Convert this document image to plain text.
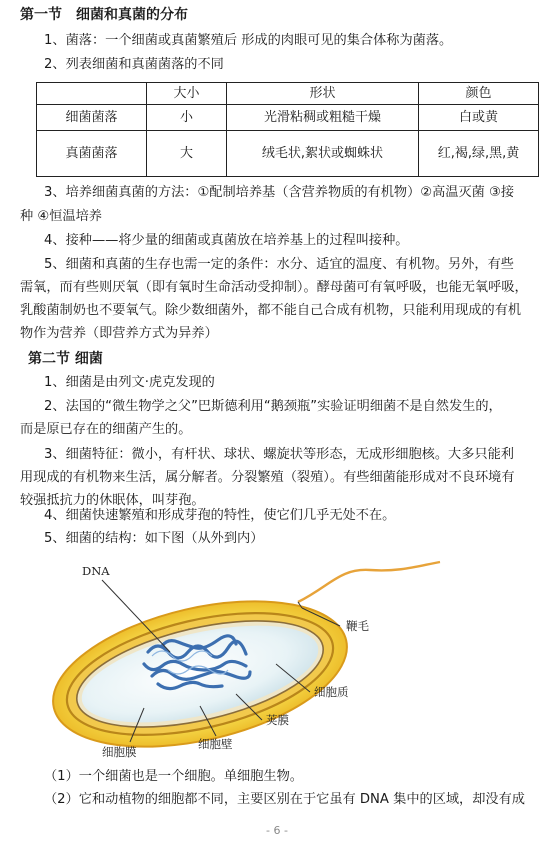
第一节　细菌和真菌的分布
1、菌落：一个细菌或真菌繁殖后 形成的肉眼可见的集合体称为菌落。
2、列表细菌和真菌菌落的不同
	大小	形状	颜色
细菌菌落	小	光滑粘稠或粗糙干燥	白或黄
真菌菌落	大	绒毛状,絮状或蜘蛛状	红,褐,绿,黑,黄
3、培养细菌真菌的方法：①配制培养基（含营养物质的有机物）②高温灭菌 ③接
种 ④恒温培养
4、接种——将少量的细菌或真菌放在培养基上的过程叫接种。
5、细菌和真菌的生存也需一定的条件：水分、适宜的温度、有机物。另外，有些
需氧，而有些则厌氧（即有氧时生命活动受抑制）。酵母菌可有氧呼吸，也能无氧呼吸，
乳酸菌制奶也不要氧气。除少数细菌外，都不能自己合成有机物，只能利用现成的有机
物作为营养（即营养方式为异养）
第二节 细菌
1、细菌是由列文·虎克发现的
2、法国的“微生物学之父”巴斯德利用“鹅颈瓶”实验证明细菌不是自然发生的，
而是原已存在的细菌产生的。
3、细菌特征：微小，有杆状、球状、螺旋状等形态，无成形细胞核。大多只能利
用现成的有机物来生活，属分解者。分裂繁殖（裂殖）。有些细菌能形成对不良环境有
较强抵抗力的休眠体，叫芽孢。
4、细菌快速繁殖和形成芽孢的特性，使它们几乎无处不在。
5、细菌的结构：如下图（从外到内）
DNA
鞭毛
细胞质
荚膜
细胞壁
细胞膜
（1）一个细菌也是一个细胞。单细胞生物。
（2）它和动植物的细胞都不同，主要区别在于它虽有 DNA 集中的区域，却没有成
- 6 -
